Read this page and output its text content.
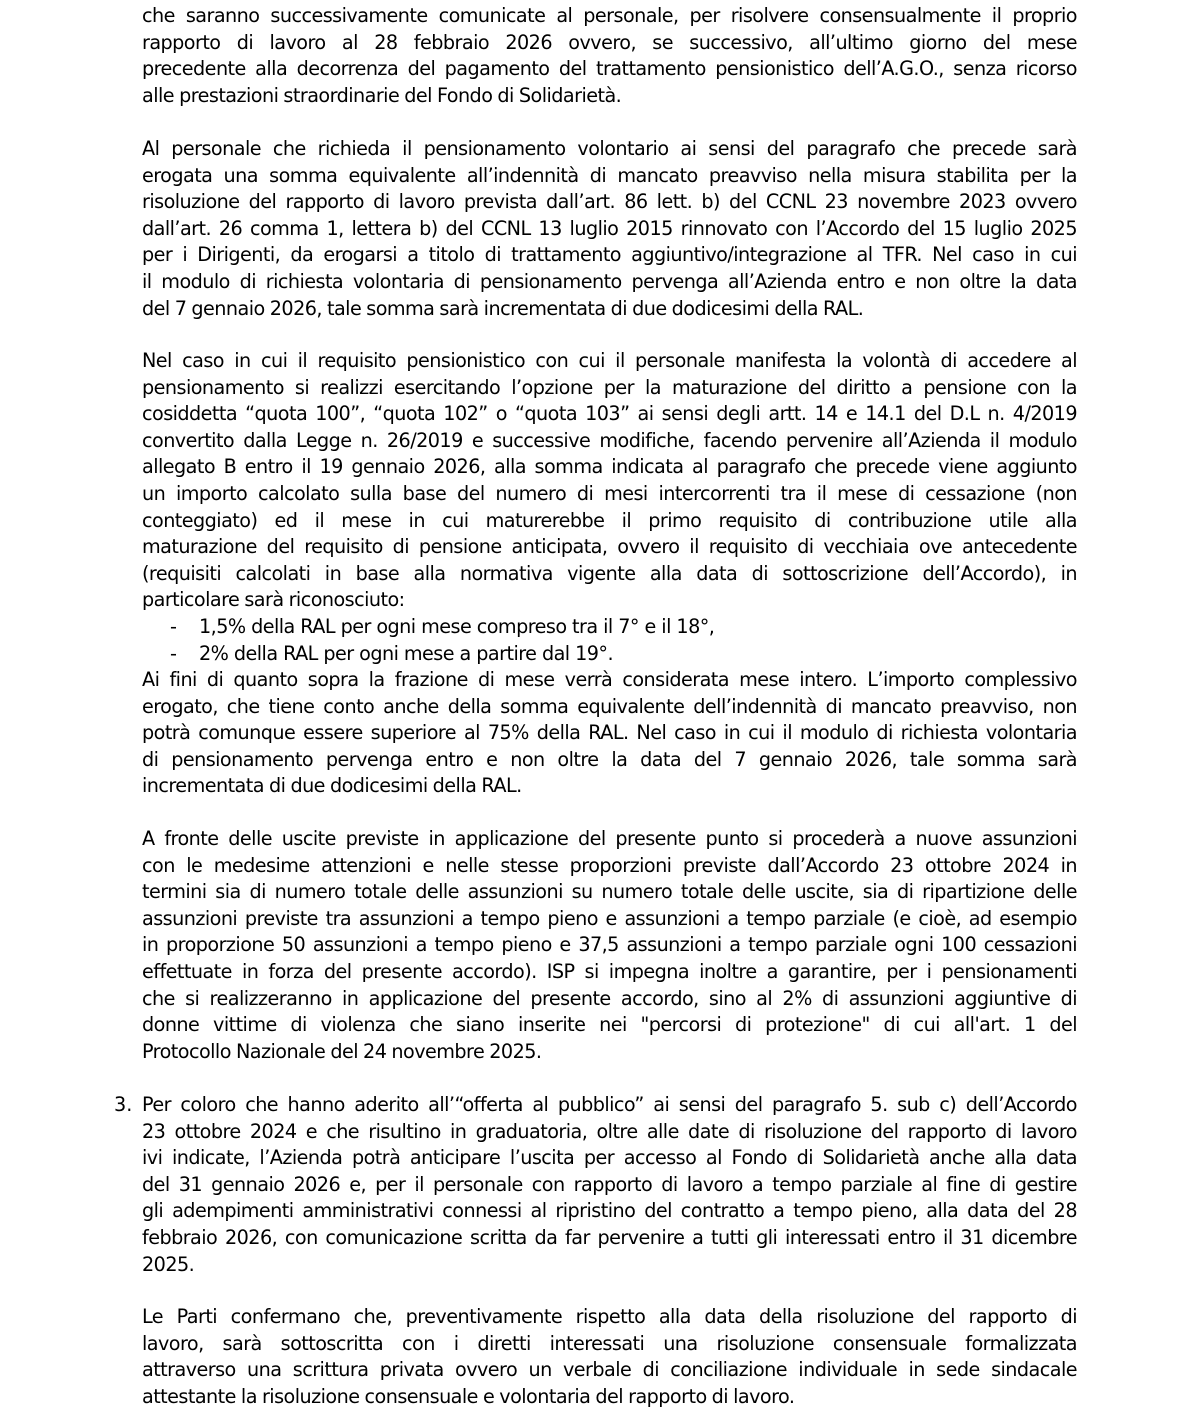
che saranno successivamente comunicate al personale, per risolvere consensualmente il proprio
rapporto di lavoro al 28 febbraio 2026 ovvero, se successivo, all’ultimo giorno del mese
precedente alla decorrenza del pagamento del trattamento pensionistico dell’A.G.O., senza ricorso
alle prestazioni straordinarie del Fondo di Solidarietà.
Al personale che richieda il pensionamento volontario ai sensi del paragrafo che precede sarà
erogata una somma equivalente all’indennità di mancato preavviso nella misura stabilita per la
risoluzione del rapporto di lavoro prevista dall’art. 86 lett. b) del CCNL 23 novembre 2023 ovvero
dall’art. 26 comma 1, lettera b) del CCNL 13 luglio 2015 rinnovato con l’Accordo del 15 luglio 2025
per i Dirigenti, da erogarsi a titolo di trattamento aggiuntivo/integrazione al TFR. Nel caso in cui
il modulo di richiesta volontaria di pensionamento pervenga all’Azienda entro e non oltre la data
del 7 gennaio 2026, tale somma sarà incrementata di due dodicesimi della RAL.
Nel caso in cui il requisito pensionistico con cui il personale manifesta la volontà di accedere al
pensionamento si realizzi esercitando l’opzione per la maturazione del diritto a pensione con la
cosiddetta “quota 100”, “quota 102” o “quota 103” ai sensi degli artt. 14 e 14.1 del D.L n. 4/2019
convertito dalla Legge n. 26/2019 e successive modifiche, facendo pervenire all’Azienda il modulo
allegato B entro il 19 gennaio 2026, alla somma indicata al paragrafo che precede viene aggiunto
un importo calcolato sulla base del numero di mesi intercorrenti tra il mese di cessazione (non
conteggiato) ed il mese in cui maturerebbe il primo requisito di contribuzione utile alla
maturazione del requisito di pensione anticipata, ovvero il requisito di vecchiaia ove antecedente
(requisiti calcolati in base alla normativa vigente alla data di sottoscrizione dell’Accordo), in
particolare sarà riconosciuto:
- 1,5% della RAL per ogni mese compreso tra il 7° e il 18°,
- 2% della RAL per ogni mese a partire dal 19°.
Ai fini di quanto sopra la frazione di mese verrà considerata mese intero. L’importo complessivo
erogato, che tiene conto anche della somma equivalente dell’indennità di mancato preavviso, non
potrà comunque essere superiore al 75% della RAL. Nel caso in cui il modulo di richiesta volontaria
di pensionamento pervenga entro e non oltre la data del 7 gennaio 2026, tale somma sarà
incrementata di due dodicesimi della RAL.
A fronte delle uscite previste in applicazione del presente punto si procederà a nuove assunzioni
con le medesime attenzioni e nelle stesse proporzioni previste dall’Accordo 23 ottobre 2024 in
termini sia di numero totale delle assunzioni su numero totale delle uscite, sia di ripartizione delle
assunzioni previste tra assunzioni a tempo pieno e assunzioni a tempo parziale (e cioè, ad esempio
in proporzione 50 assunzioni a tempo pieno e 37,5 assunzioni a tempo parziale ogni 100 cessazioni
effettuate in forza del presente accordo). ISP si impegna inoltre a garantire, per i pensionamenti
che si realizzeranno in applicazione del presente accordo, sino al 2% di assunzioni aggiuntive di
donne vittime di violenza che siano inserite nei "percorsi di protezione" di cui all'art. 1 del
Protocollo Nazionale del 24 novembre 2025.
3. Per coloro che hanno aderito all’“offerta al pubblico” ai sensi del paragrafo 5. sub c) dell’Accordo
23 ottobre 2024 e che risultino in graduatoria, oltre alle date di risoluzione del rapporto di lavoro
ivi indicate, l’Azienda potrà anticipare l’uscita per accesso al Fondo di Solidarietà anche alla data
del 31 gennaio 2026 e, per il personale con rapporto di lavoro a tempo parziale al fine di gestire
gli adempimenti amministrativi connessi al ripristino del contratto a tempo pieno, alla data del 28
febbraio 2026, con comunicazione scritta da far pervenire a tutti gli interessati entro il 31 dicembre
2025.
Le Parti confermano che, preventivamente rispetto alla data della risoluzione del rapporto di
lavoro, sarà sottoscritta con i diretti interessati una risoluzione consensuale formalizzata
attraverso una scrittura privata ovvero un verbale di conciliazione individuale in sede sindacale
attestante la risoluzione consensuale e volontaria del rapporto di lavoro.
